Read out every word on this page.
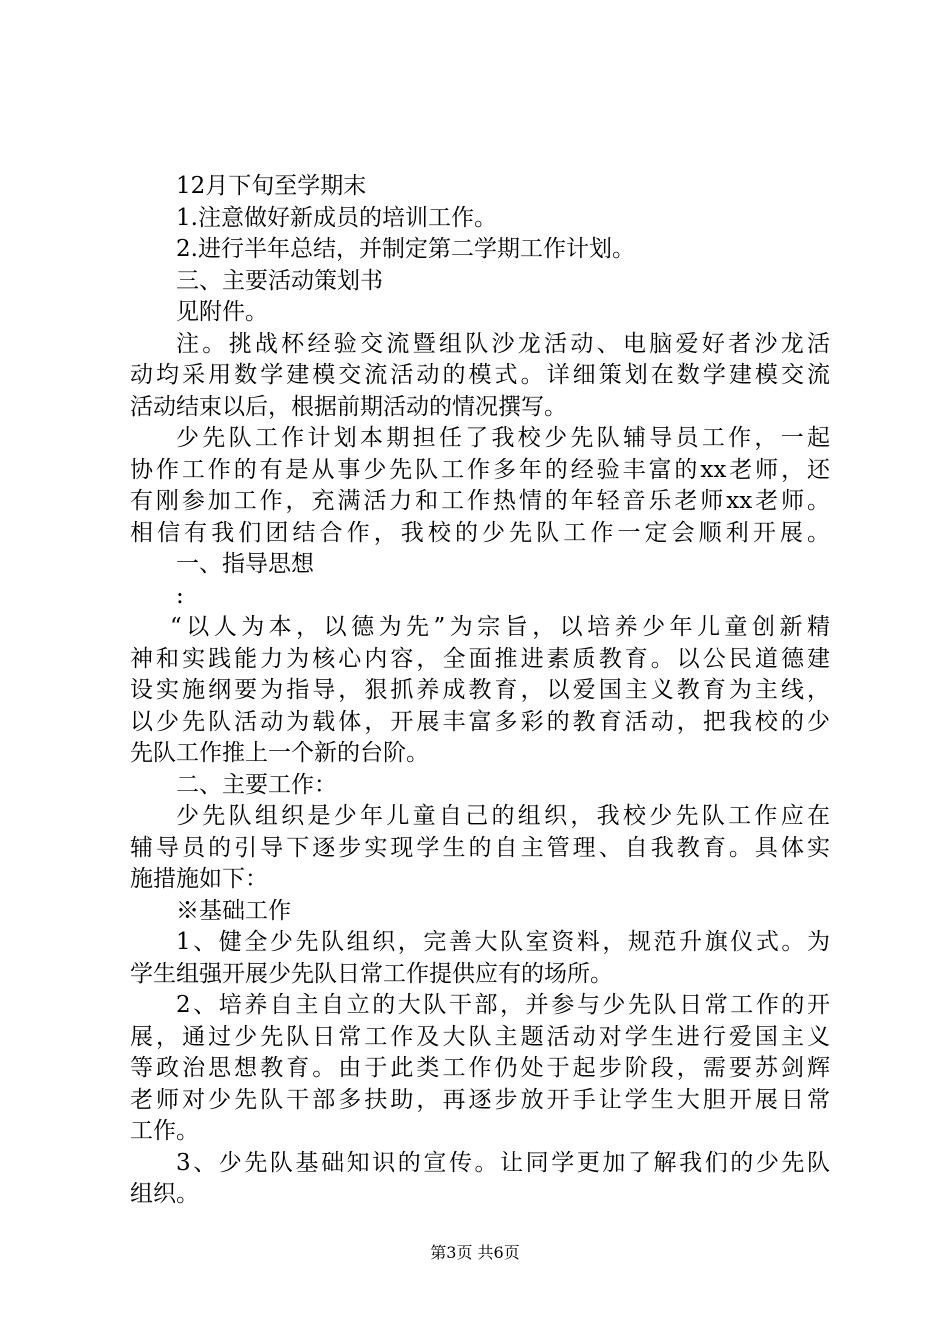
12月下旬至学期末
1.注意做好新成员的培训工作。
2.进行半年总结，并制定第二学期工作计划。
三、主要活动策划书
见附件。
注。挑战杯经验交流暨组队沙龙活动、电脑爱好者沙龙活
动均采用数学建模交流活动的模式。详细策划在数学建模交流
活动结束以后，根据前期活动的情况撰写。
少先队工作计划本期担任了我校少先队辅导员工作，一起
协作工作的有是从事少先队工作多年的经验丰富的xx老师，还
有刚参加工作，充满活力和工作热情的年轻音乐老师xx老师。
相信有我们团结合作，我校的少先队工作一定会顺利开展。
一、指导思想
:
“以人为本，以德为先”为宗旨，以培养少年儿童创新精
神和实践能力为核心内容，全面推进素质教育。以公民道德建
设实施纲要为指导，狠抓养成教育，以爱国主义教育为主线，
以少先队活动为载体，开展丰富多彩的教育活动，把我校的少
先队工作推上一个新的台阶。
二、主要工作：
少先队组织是少年儿童自己的组织，我校少先队工作应在
辅导员的引导下逐步实现学生的自主管理、自我教育。具体实
施措施如下：
※基础工作
1、健全少先队组织，完善大队室资料，规范升旗仪式。为
学生组强开展少先队日常工作提供应有的场所。
2、培养自主自立的大队干部，并参与少先队日常工作的开
展，通过少先队日常工作及大队主题活动对学生进行爱国主义
等政治思想教育。由于此类工作仍处于起步阶段，需要苏剑辉
老师对少先队干部多扶助，再逐步放开手让学生大胆开展日常
工作。
3、少先队基础知识的宣传。让同学更加了解我们的少先队
组织。
第3页 共6页
